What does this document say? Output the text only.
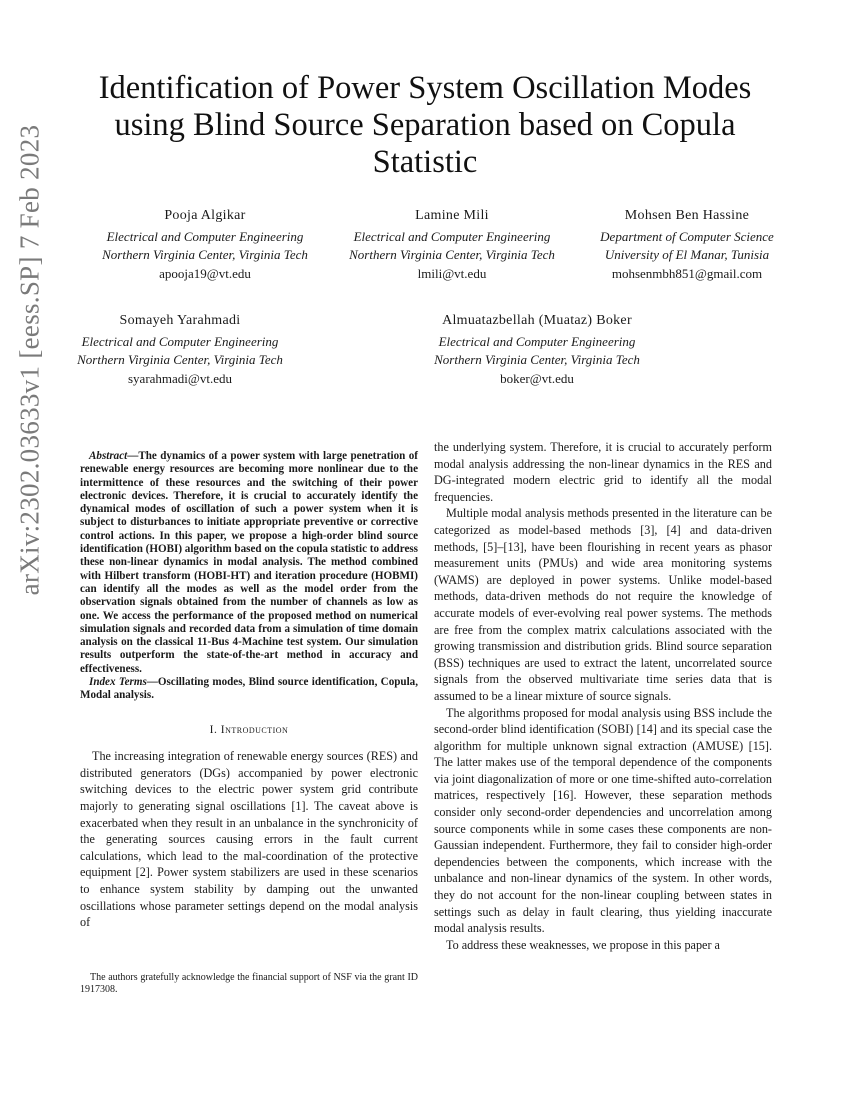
arXiv:2302.03633v1 [eess.SP] 7 Feb 2023
Identification of Power System Oscillation Modes using Blind Source Separation based on Copula Statistic
Pooja Algikar
Electrical and Computer Engineering
Northern Virginia Center, Virginia Tech
apooja19@vt.edu
Lamine Mili
Electrical and Computer Engineering
Northern Virginia Center, Virginia Tech
lmili@vt.edu
Mohsen Ben Hassine
Department of Computer Science
University of El Manar, Tunisia
mohsenmbh851@gmail.com
Somayeh Yarahmadi
Electrical and Computer Engineering
Northern Virginia Center, Virginia Tech
syarahmadi@vt.edu
Almuatazbellah (Muataz) Boker
Electrical and Computer Engineering
Northern Virginia Center, Virginia Tech
boker@vt.edu

Abstract—The dynamics of a power system with large penetration of renewable energy resources are becoming more nonlinear due to the intermittence of these resources and the switching of their power electronic devices. Therefore, it is crucial to accurately identify the dynamical modes of oscillation of such a power system when it is subject to disturbances to initiate appropriate preventive or corrective control actions. In this paper, we propose a high-order blind source identification (HOBI) algorithm based on the copula statistic to address these non-linear dynamics in modal analysis. The method combined with Hilbert transform (HOBI-HT) and iteration procedure (HOBMI) can identify all the modes as well as the model order from the observation signals obtained from the number of channels as low as one. We access the performance of the proposed method on numerical simulation signals and recorded data from a simulation of time domain analysis on the classical 11-Bus 4-Machine test system. Our simulation results outperform the state-of-the-art method in accuracy and effectiveness.

Index Terms—Oscillating modes, Blind source identification, Copula, Modal analysis.

I. Introduction

The increasing integration of renewable energy sources (RES) and distributed generators (DGs) accompanied by power electronic switching devices to the electric power system grid contribute majorly to generating signal oscillations [1]. The caveat above is exacerbated when they result in an unbalance in the synchronicity of the generating sources causing errors in the fault current calculations, which lead to the mal-coordination of the protective equipment [2]. Power system stabilizers are used in these scenarios to enhance system stability by damping out the unwanted oscillations whose parameter settings depend on the modal analysis of

The authors gratefully acknowledge the financial support of NSF via the grant ID 1917308.

the underlying system. Therefore, it is crucial to accurately perform modal analysis addressing the non-linear dynamics in the RES and DG-integrated modern electric grid to identify all the modal frequencies.

Multiple modal analysis methods presented in the literature can be categorized as model-based methods [3], [4] and data-driven methods, [5]–[13], have been flourishing in recent years as phasor measurement units (PMUs) and wide area monitoring systems (WAMS) are deployed in power systems. Unlike model-based methods, data-driven methods do not require the knowledge of accurate models of ever-evolving real power systems. The methods are free from the complex matrix calculations associated with the growing transmission and distribution grids. Blind source separation (BSS) techniques are used to extract the latent, uncorrelated source signals from the observed multivariate time series data that is assumed to be a linear mixture of source signals.

The algorithms proposed for modal analysis using BSS include the second-order blind identification (SOBI) [14] and its special case the algorithm for multiple unknown signal extraction (AMUSE) [15]. The latter makes use of the temporal dependence of the components via joint diagonalization of more or one time-shifted auto-correlation matrices, respectively [16]. However, these separation methods consider only second-order dependencies and uncorrelation among source components while in some cases these components are non-Gaussian independent. Furthermore, they fail to consider high-order dependencies between the components, which increase with the unbalance and non-linear dynamics of the system. In other words, they do not account for the non-linear coupling between states in settings such as delay in fault clearing, thus yielding inaccurate modal analysis results.

To address these weaknesses, we propose in this paper a
